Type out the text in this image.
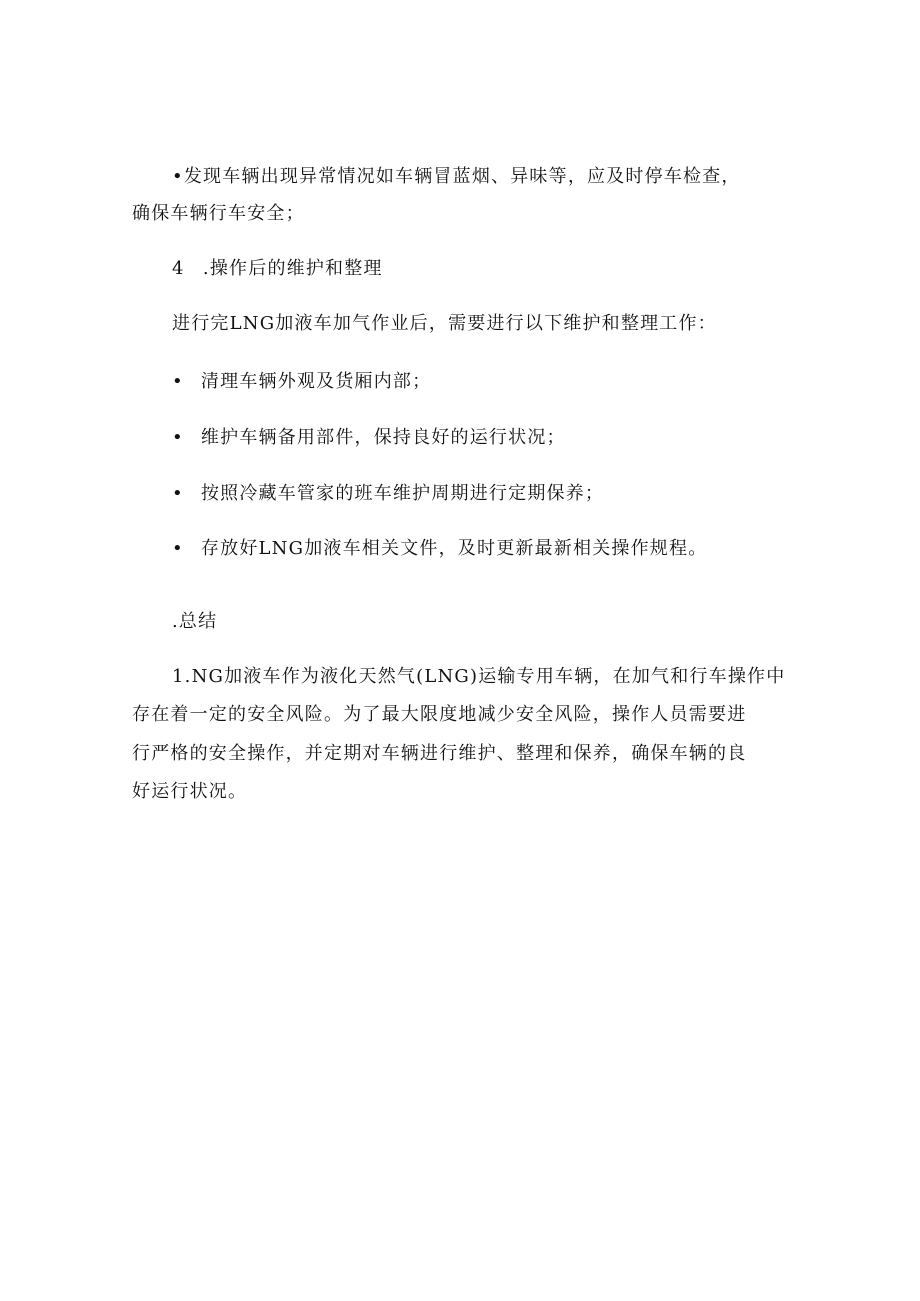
•发现车辆出现异常情况如车辆冒蓝烟、异味等，应及时停车检查，
确保车辆行车安全；
4 .操作后的维护和整理
进行完LNG加液车加气作业后，需要进行以下维护和整理工作：
• 清理车辆外观及货厢内部；
• 维护车辆备用部件，保持良好的运行状况；
• 按照冷藏车管家的班车维护周期进行定期保养；
• 存放好LNG加液车相关文件，及时更新最新相关操作规程。
.总结
1.NG加液车作为液化天然气(LNG)运输专用车辆，在加气和行车操作中
存在着一定的安全风险。为了最大限度地减少安全风险，操作人员需要进
行严格的安全操作，并定期对车辆进行维护、整理和保养，确保车辆的良
好运行状况。
